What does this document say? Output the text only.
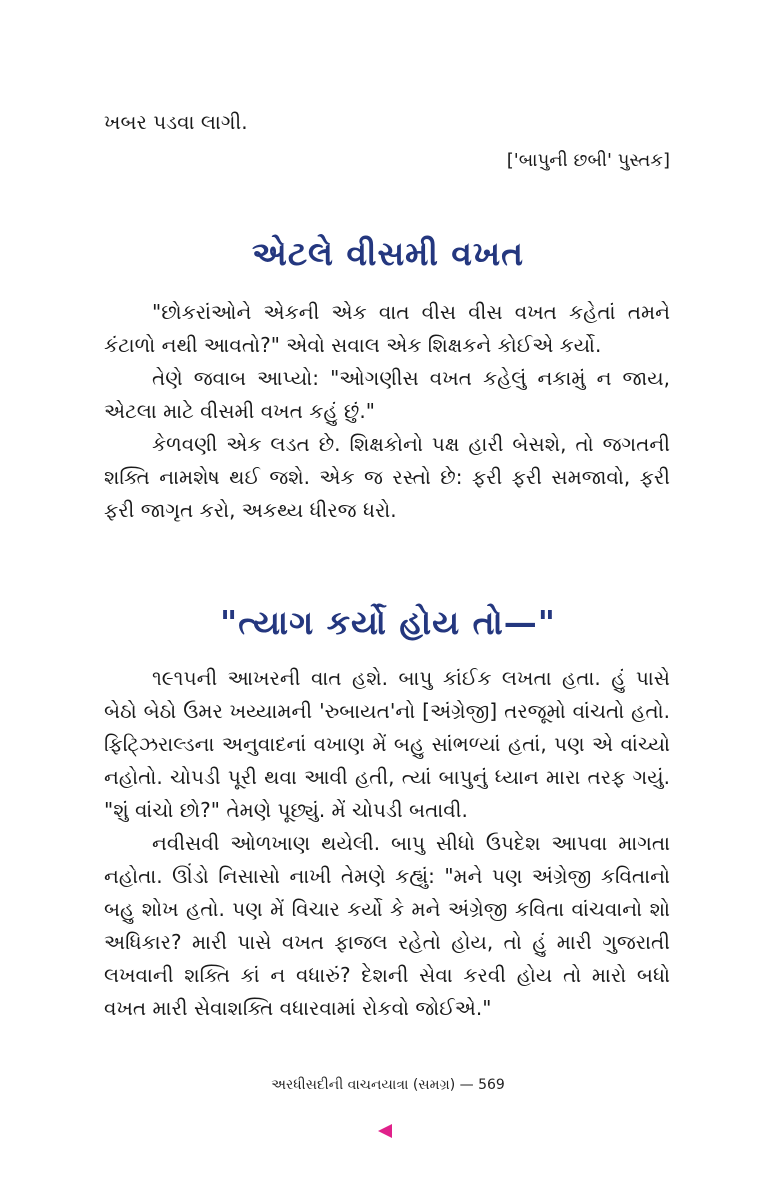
ખબર પડવા લાગી.

['બાપુની છબી' પુસ્તક]

એટલે વીસમી વખત

"છોકરાંઓને એકની એક વાત વીસ વીસ વખત કહેતાં તમને કંટાળો નથી આવતો?" એવો સવાલ એક શિક્ષકને કોઈએ કર્યો.

તેણે જવાબ આપ્યો: "ઓગણીસ વખત કહેલું નકામું ન જાય, એટલા માટે વીસમી વખત કહું છું."

કેળવણી એક લડત છે. શિક્ષકોનો પક્ષ હારી બેસશે, તો જગતની શક્તિ નામશેષ થઈ જશે. એક જ રસ્તો છે: ફરી ફરી સમજાવો, ફરી ફરી જાગૃત કરો, અકથ્ય ધીરજ ધરો.

"ત્યાગ કર્યો હોય તો—"

૧૯૧૫ની આખરની વાત હશે. બાપુ કાંઈક લખતા હતા. હું પાસે બેઠો બેઠો ઉમર ખય્યામની 'રુબાયત'નો [અંગ્રેજી] તરજૂમો વાંચતો હતો. ફિટ્ઝિરાલ્ડના અનુવાદનાં વખાણ મેં બહુ સાંભળ્યાં હતાં, પણ એ વાંચ્યો નહોતો. ચોપડી પૂરી થવા આવી હતી, ત્યાં બાપુનું ધ્યાન મારા તરફ ગયું. "શું વાંચો છો?" તેમણે પૂછ્યું. મેં ચોપડી બતાવી.

નવીસવી ઓળખાણ થયેલી. બાપુ સીધો ઉપદેશ આપવા માગતા નહોતા. ઊંડો નિસાસો નાખી તેમણે કહ્યું: "મને પણ અંગ્રેજી કવિતાનો બહુ શોખ હતો. પણ મેં વિચાર કર્યો કે મને અંગ્રેજી કવિતા વાંચવાનો શો અધિકાર? મારી પાસે વખત ફાજલ રહેતો હોય, તો હું મારી ગુજરાતી લખવાની શક્તિ કાં ન વધારું? દેશની સેવા કરવી હોય તો મારો બધો વખત મારી સેવાશક્તિ વધારવામાં રોકવો જોઈએ."

અરધીસદીની વાચનયાત્રા (સમગ્ર) — 569
